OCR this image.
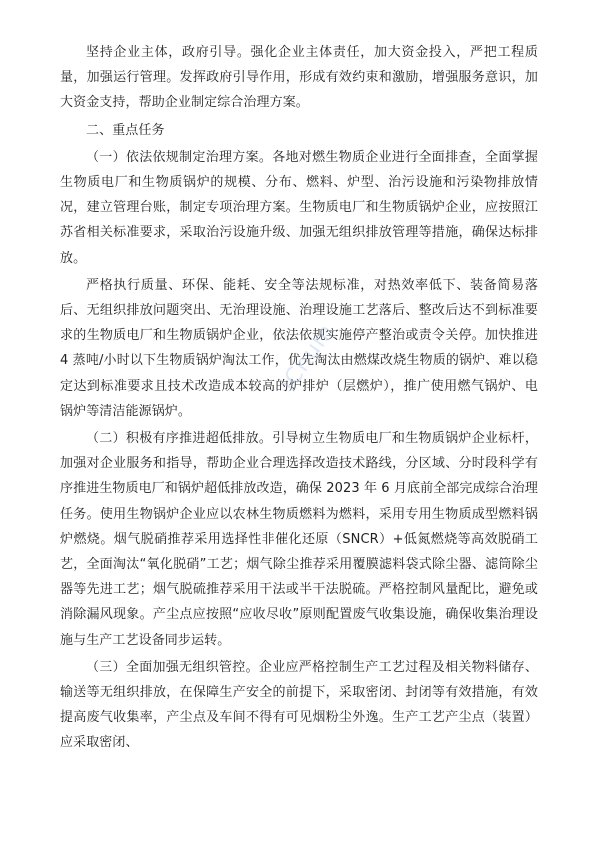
坚持企业主体，政府引导。强化企业主体责任，加大资金投入，严把工程质量，加强运行管理。发挥政府引导作用，形成有效约束和激励，增强服务意识，加大资金支持，帮助企业制定综合治理方案。

二、重点任务

（一）依法依规制定治理方案。各地对燃生物质企业进行全面排查，全面掌握生物质电厂和生物质锅炉的规模、分布、燃料、炉型、治污设施和污染物排放情况，建立管理台账，制定专项治理方案。生物质电厂和生物质锅炉企业，应按照江苏省相关标准要求，采取治污设施升级、加强无组织排放管理等措施，确保达标排放。

严格执行质量、环保、能耗、安全等法规标准，对热效率低下、装备简易落后、无组织排放问题突出、无治理设施、治理设施工艺落后、整改后达不到标准要求的生物质电厂和生物质锅炉企业，依法依规实施停产整治或责令关停。加快推进 4 蒸吨/小时以下生物质锅炉淘汰工作，优先淘汰由燃煤改烧生物质的锅炉、难以稳定达到标准要求且技术改造成本较高的炉排炉（层燃炉），推广使用燃气锅炉、电锅炉等清洁能源锅炉。

（二）积极有序推进超低排放。引导树立生物质电厂和生物质锅炉企业标杆，加强对企业服务和指导，帮助企业合理选择改造技术路线，分区域、分时段科学有序推进生物质电厂和锅炉超低排放改造，确保 2023 年 6 月底前全部完成综合治理任务。使用生物锅炉企业应以农林生物质燃料为燃料，采用专用生物质成型燃料锅炉燃烧。烟气脱硝推荐采用选择性非催化还原（SNCR）+低氮燃烧等高效脱硝工艺，全面淘汰“氧化脱硝”工艺；烟气除尘推荐采用覆膜滤料袋式除尘器、滤筒除尘器等先进工艺；烟气脱硫推荐采用干法或半干法脱硫。严格控制风量配比，避免或消除漏风现象。产尘点应按照“应收尽收”原则配置废气收集设施，确保收集治理设施与生产工艺设备同步运转。

（三）全面加强无组织管控。企业应严格控制生产工艺过程及相关物料储存、输送等无组织排放，在保障生产安全的前提下，采取密闭、封闭等有效措施，有效提高废气收集率，产尘点及车间不得有可见烟粉尘外逸。生产工艺产尘点（装置）应采取密闭、

iChum
